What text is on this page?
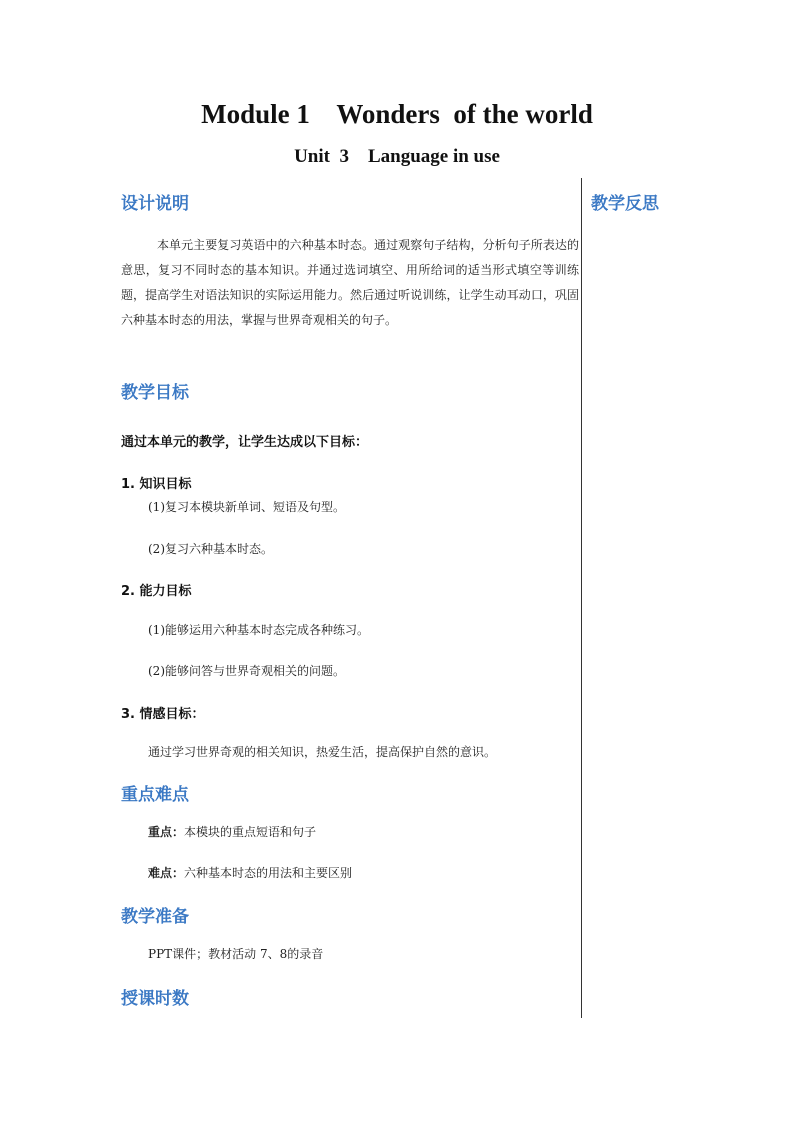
Module 1    Wonders  of the world
Unit  3    Language in use
教学反思
设计说明
本单元主要复习英语中的六种基本时态。通过观察句子结构，分析句子所表达的意思，复习不同时态的基本知识。并通过选词填空、用所给词的适当形式填空等训练题，提高学生对语法知识的实际运用能力。然后通过听说训练，让学生动耳动口，巩固六种基本时态的用法，掌握与世界奇观相关的句子。
教学目标
通过本单元的教学，让学生达成以下目标：
1. 知识目标
(1)复习本模块新单词、短语及句型。
(2)复习六种基本时态。
2. 能力目标
(1)能够运用六种基本时态完成各种练习。
(2)能够问答与世界奇观相关的问题。
3. 情感目标：
通过学习世界奇观的相关知识，热爱生活，提高保护自然的意识。
重点难点
重点：本模块的重点短语和句子
难点：六种基本时态的用法和主要区别
教学准备
PPT课件；教材活动 7、8的录音
授课时数
